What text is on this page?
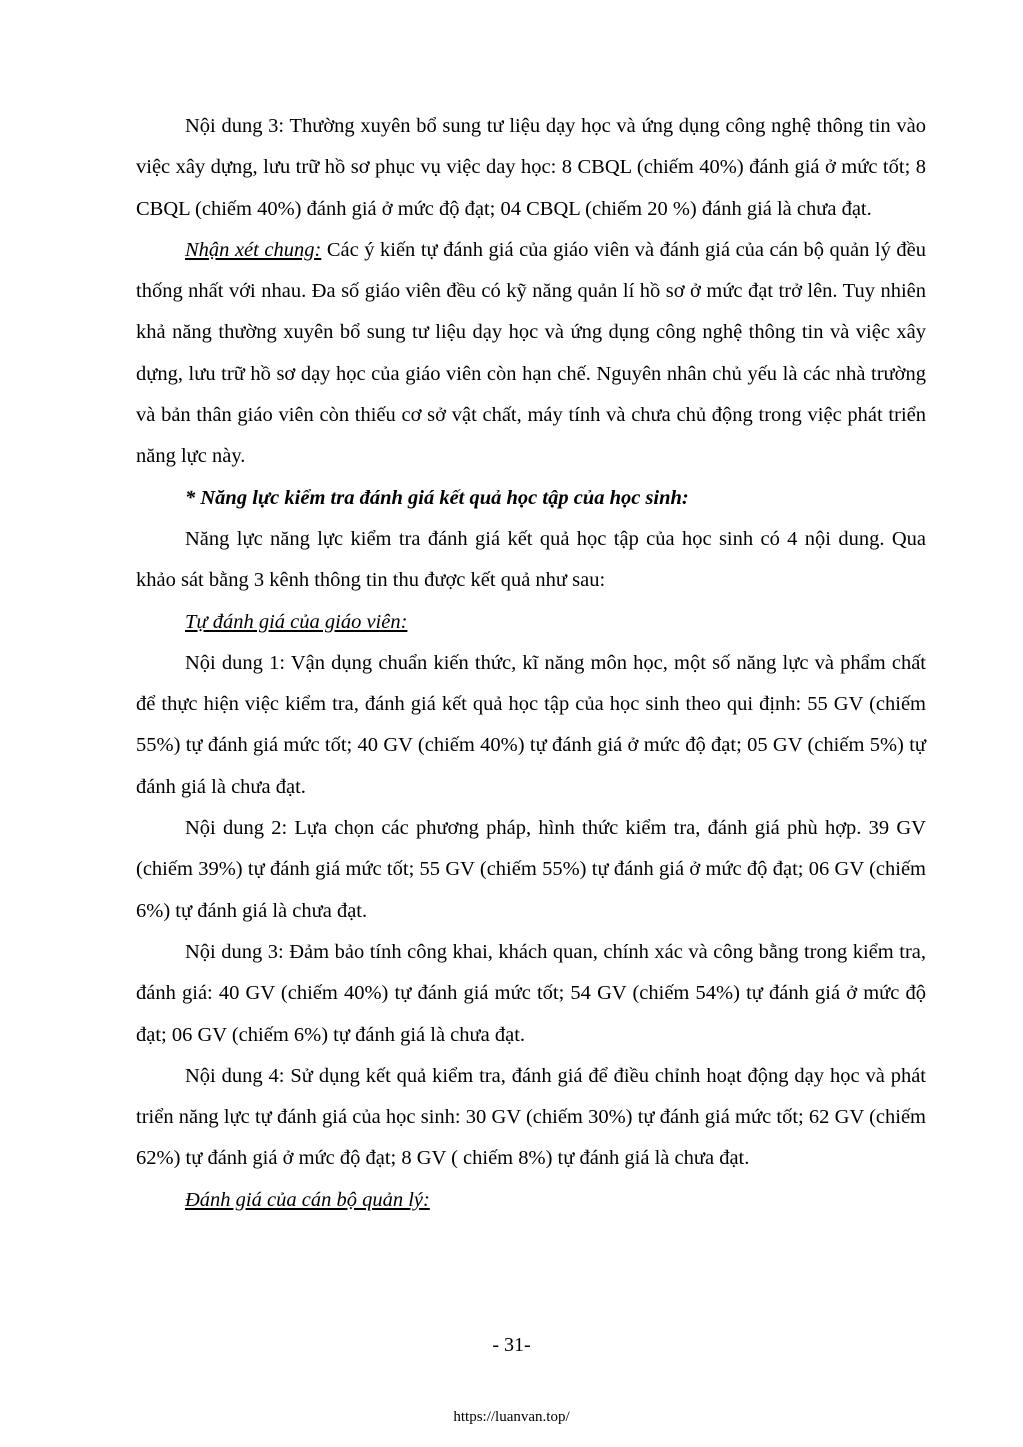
Nội dung 3: Thường xuyên bổ sung tư liệu dạy học và ứng dụng công nghệ thông tin vào việc xây dựng, lưu trữ hồ sơ phục vụ việc day học: 8 CBQL (chiếm 40%) đánh giá ở mức tốt; 8 CBQL (chiếm 40%) đánh giá ở mức độ đạt; 04 CBQL (chiếm 20 %) đánh giá là chưa đạt.

Nhận xét chung: Các ý kiến tự đánh giá của giáo viên và đánh giá của cán bộ quản lý đều thống nhất với nhau. Đa số giáo viên đều có kỹ năng quản lí hồ sơ ở mức đạt trở lên. Tuy nhiên khả năng thường xuyên bổ sung tư liệu dạy học và ứng dụng công nghệ thông tin và việc xây dựng, lưu trữ hồ sơ dạy học của giáo viên còn hạn chế. Nguyên nhân chủ yếu là các nhà trường và bản thân giáo viên còn thiếu cơ sở vật chất, máy tính và chưa chủ động trong việc phát triển năng lực này.

* Năng lực kiểm tra đánh giá kết quả học tập của học sinh:

Năng lực năng lực kiểm tra đánh giá kết quả học tập của học sinh có 4 nội dung. Qua khảo sát bằng 3 kênh thông tin thu được kết quả như sau:

Tự đánh giá của giáo viên:

Nội dung 1: Vận dụng chuẩn kiến thức, kĩ năng môn học, một số năng lực và phẩm chất để thực hiện việc kiểm tra, đánh giá kết quả học tập của học sinh theo qui định: 55 GV (chiếm 55%) tự đánh giá mức tốt; 40 GV (chiếm 40%) tự đánh giá ở mức độ đạt; 05 GV (chiếm 5%) tự đánh giá là chưa đạt.

Nội dung 2: Lựa chọn các phương pháp, hình thức kiểm tra, đánh giá phù hợp. 39 GV (chiếm 39%) tự đánh giá mức tốt; 55 GV (chiếm 55%) tự đánh giá ở mức độ đạt; 06 GV (chiếm 6%) tự đánh giá là chưa đạt.

Nội dung 3: Đảm bảo tính công khai, khách quan, chính xác và công bằng trong kiểm tra, đánh giá: 40 GV (chiếm 40%) tự đánh giá mức tốt; 54 GV (chiếm 54%) tự đánh giá ở mức độ đạt; 06 GV (chiếm 6%) tự đánh giá là chưa đạt.

Nội dung 4: Sử dụng kết quả kiểm tra, đánh giá để điều chỉnh hoạt động dạy học và phát triển năng lực tự đánh giá của học sinh: 30 GV (chiếm 30%) tự đánh giá mức tốt; 62 GV (chiếm 62%) tự đánh giá ở mức độ đạt; 8 GV ( chiếm 8%) tự đánh giá là chưa đạt.

Đánh giá của cán bộ quản lý:

- 31-
https://luanvan.top/
